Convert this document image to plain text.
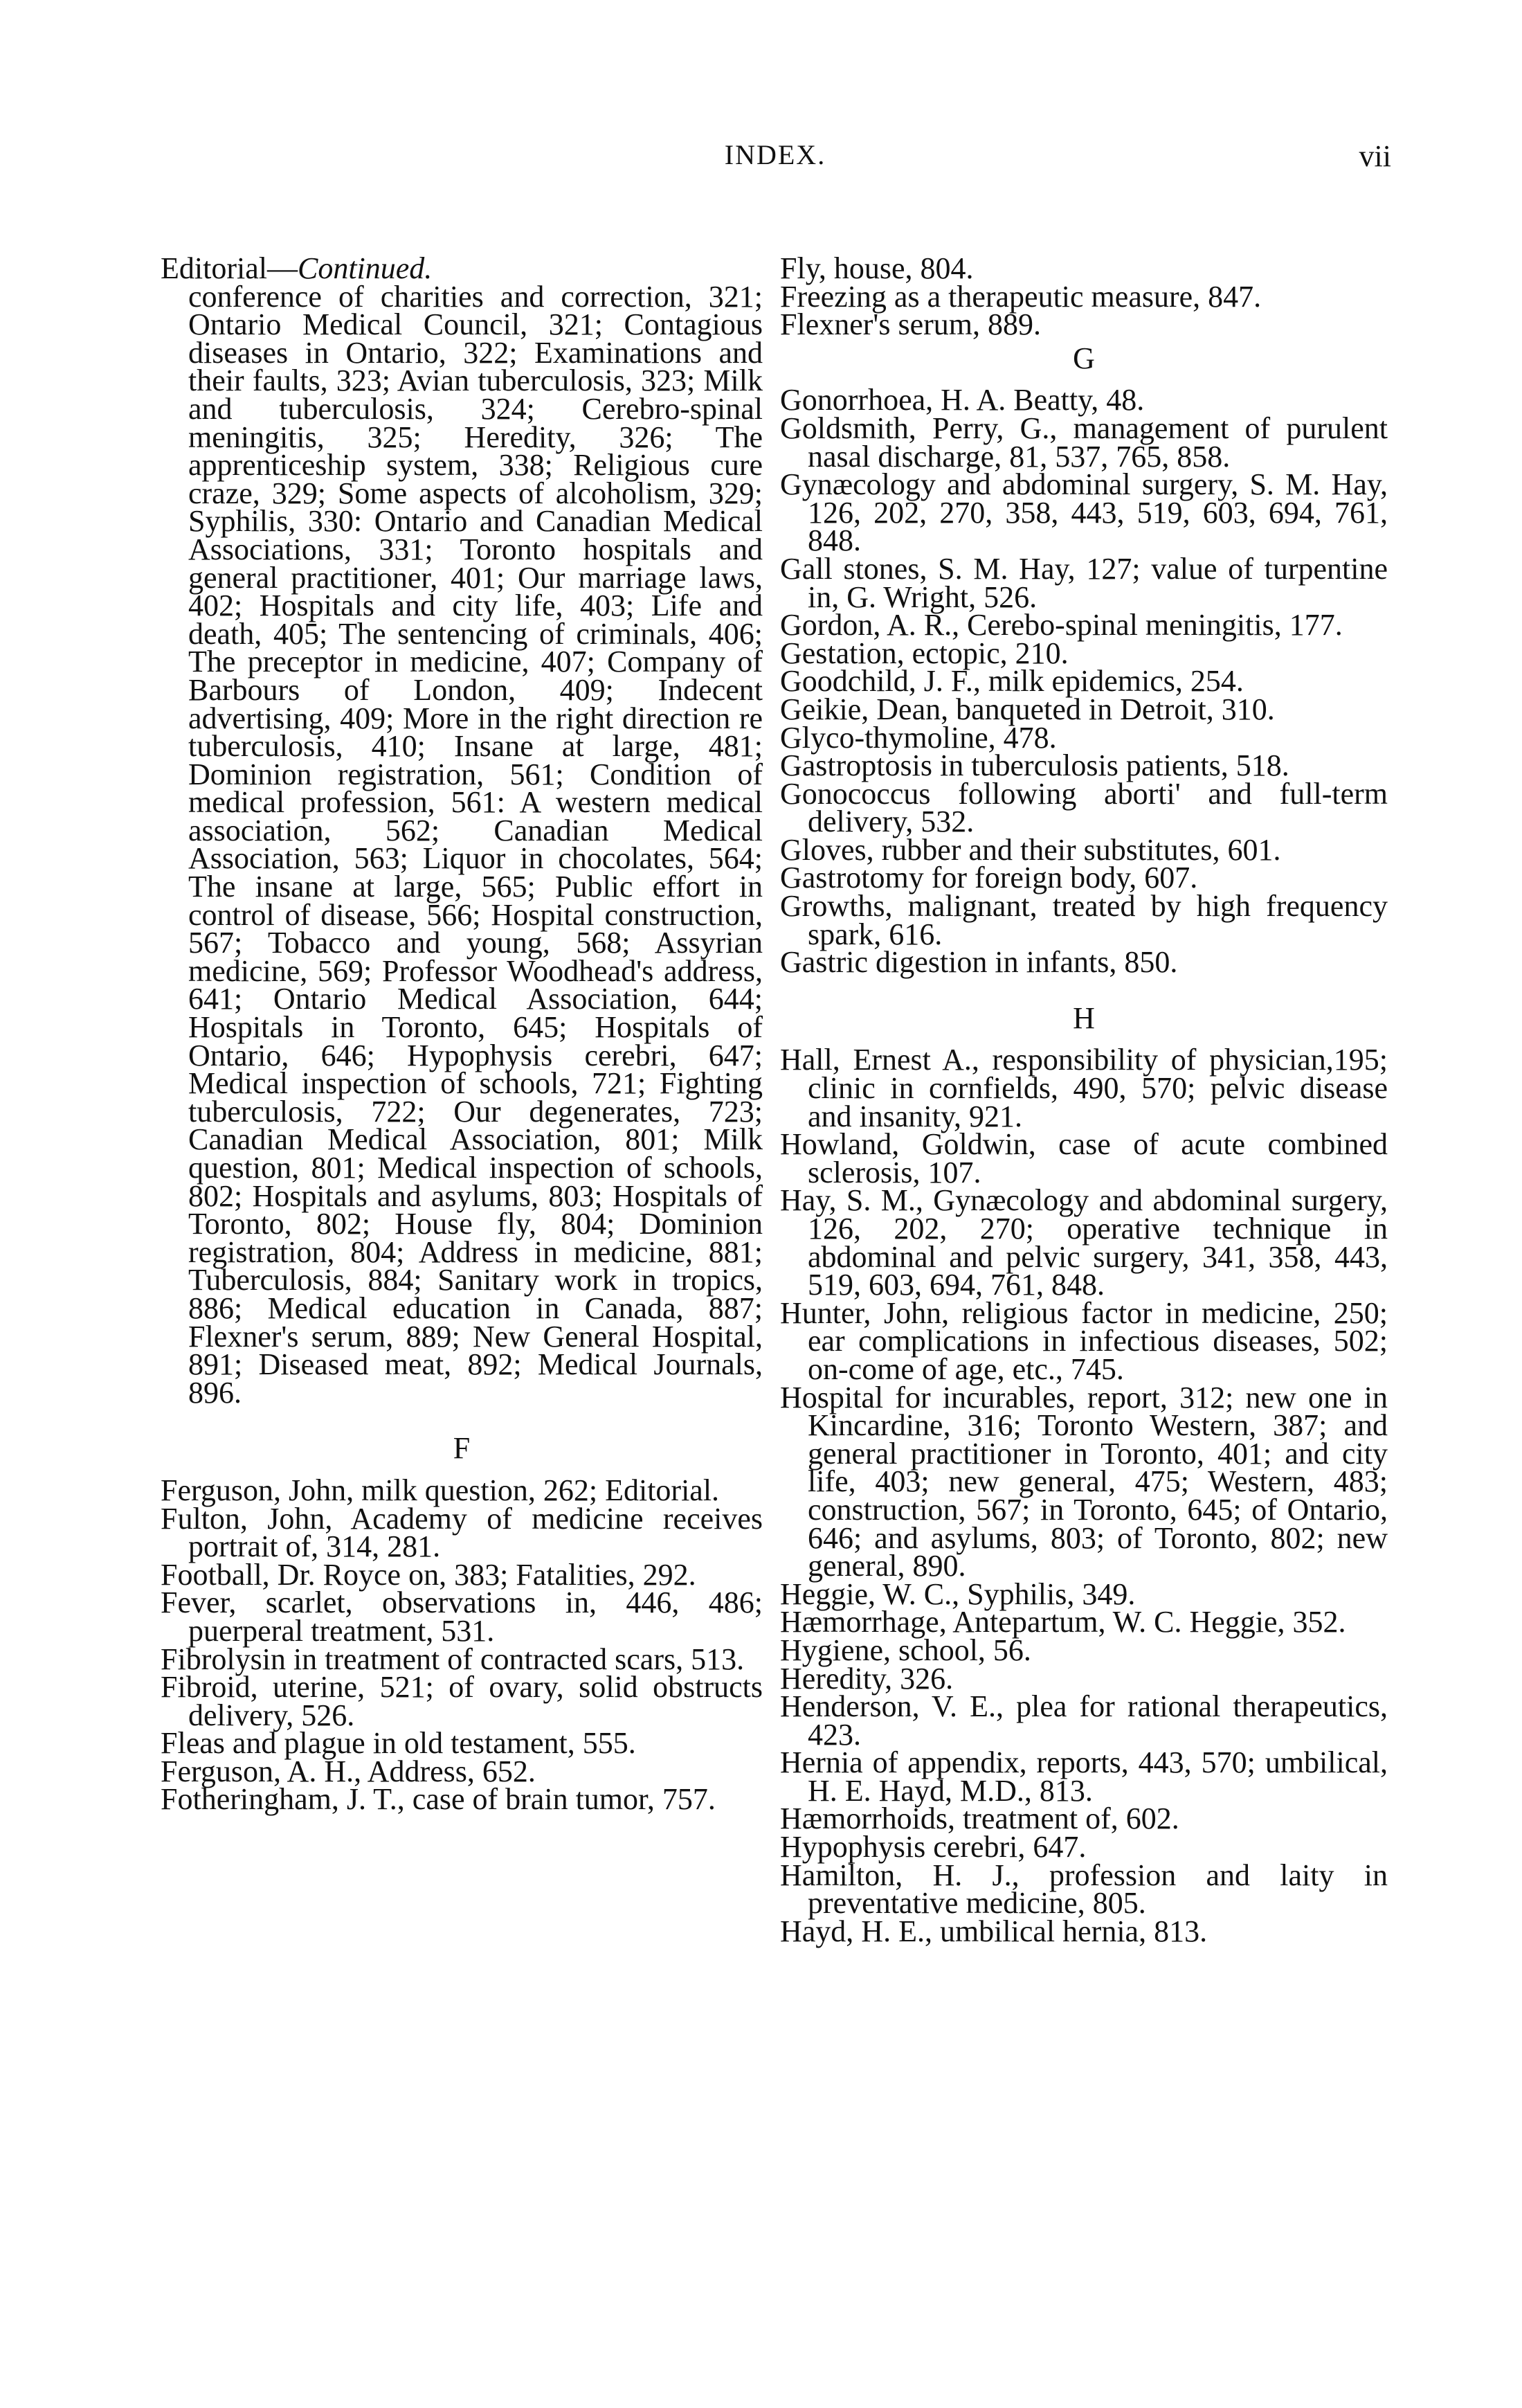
INDEX.	vii

Editorial—Continued.

conference of charities and correction, 321; Ontario Medical Council, 321; Contagious diseases in Ontario, 322; Examinations and their faults, 323; Avian tuberculosis, 323; Milk and tuberculosis, 324; Cerebro-spinal meningitis, 325; Heredity, 326; The apprenticeship system, 338; Religious cure craze, 329; Some aspects of alcoholism, 329; Syphilis, 330: Ontario and Canadian Medical Associations, 331; Toronto hospitals and general practitioner, 401; Our marriage laws, 402; Hospitals and city life, 403; Life and death, 405; The sentencing of criminals, 406; The preceptor in medicine, 407; Company of Barbours of London, 409; Indecent advertising, 409; More in the right direction re tuberculosis, 410; Insane at large, 481; Dominion registration, 561; Condition of medical profession, 561: A western medical association, 562; Canadian Medical Association, 563; Liquor in chocolates, 564; The insane at large, 565; Public effort in control of disease, 566; Hospital construction, 567; Tobacco and young, 568; Assyrian medicine, 569; Professor Woodhead's address, 641; Ontario Medical Association, 644; Hospitals in Toronto, 645; Hospitals of Ontario, 646; Hypophysis cerebri, 647; Medical inspection of schools, 721; Fighting tuberculosis, 722; Our degenerates, 723; Canadian Medical Association, 801; Milk question, 801; Medical inspection of schools, 802; Hospitals and asylums, 803; Hospitals of Toronto, 802; House fly, 804; Dominion registration, 804; Address in medicine, 881; Tuberculosis, 884; Sanitary work in tropics, 886; Medical education in Canada, 887; Flexner's serum, 889; New General Hospital, 891; Diseased meat, 892; Medical Journals, 896.

F

Ferguson, John, milk question, 262; Editorial.

Fulton, John, Academy of medicine receives portrait of, 314, 281.

Football, Dr. Royce on, 383; Fatalities, 292.

Fever, scarlet, observations in, 446, 486; puerperal treatment, 531.

Fibrolysin in treatment of contracted scars, 513.

Fibroid, uterine, 521; of ovary, solid obstructs delivery, 526.

Fleas and plague in old testament, 555.

Ferguson, A. H., Address, 652.

Fotheringham, J. T., case of brain tumor, 757.

Fly, house, 804.

Freezing as a therapeutic measure, 847.

Flexner's serum, 889.

G

Gonorrhoea, H. A. Beatty, 48.

Goldsmith, Perry, G., management of purulent nasal discharge, 81, 537, 765, 858.

Gynæcology and abdominal surgery, S. M. Hay, 126, 202, 270, 358, 443, 519, 603, 694, 761, 848.

Gall stones, S. M. Hay, 127; value of turpentine in, G. Wright, 526.

Gordon, A. R., Cerebo-spinal meningitis, 177.

Gestation, ectopic, 210.

Goodchild, J. F., milk epidemics, 254.

Geikie, Dean, banqueted in Detroit, 310.

Glyco-thymoline, 478.

Gastroptosis in tuberculosis patients, 518.

Gonococcus following aborti' and full-term delivery, 532.

Gloves, rubber and their substitutes, 601.

Gastrotomy for foreign body, 607.

Growths, malignant, treated by high frequency spark, 616.

Gastric digestion in infants, 850.

H

Hall, Ernest A., responsibility of physician,195; clinic in cornfields, 490, 570; pelvic disease and insanity, 921.

Howland, Goldwin, case of acute combined sclerosis, 107.

Hay, S. M., Gynæcology and abdominal surgery, 126, 202, 270; operative technique in abdominal and pelvic surgery, 341, 358, 443, 519, 603, 694, 761, 848.

Hunter, John, religious factor in medicine, 250; ear complications in infectious diseases, 502; on-come of age, etc., 745.

Hospital for incurables, report, 312; new one in Kincardine, 316; Toronto Western, 387; and general practitioner in Toronto, 401; and city life, 403; new general, 475; Western, 483; construction, 567; in Toronto, 645; of Ontario, 646; and asylums, 803; of Toronto, 802; new general, 890.

Heggie, W. C., Syphilis, 349.

Hæmorrhage, Antepartum, W. C. Heggie, 352.

Hygiene, school, 56.

Heredity, 326.

Henderson, V. E., plea for rational therapeutics, 423.

Hernia of appendix, reports, 443, 570; umbilical, H. E. Hayd, M.D., 813.

Hæmorrhoids, treatment of, 602.

Hypophysis cerebri, 647.

Hamilton, H. J., profession and laity in preventative medicine, 805.

Hayd, H. E., umbilical hernia, 813.
